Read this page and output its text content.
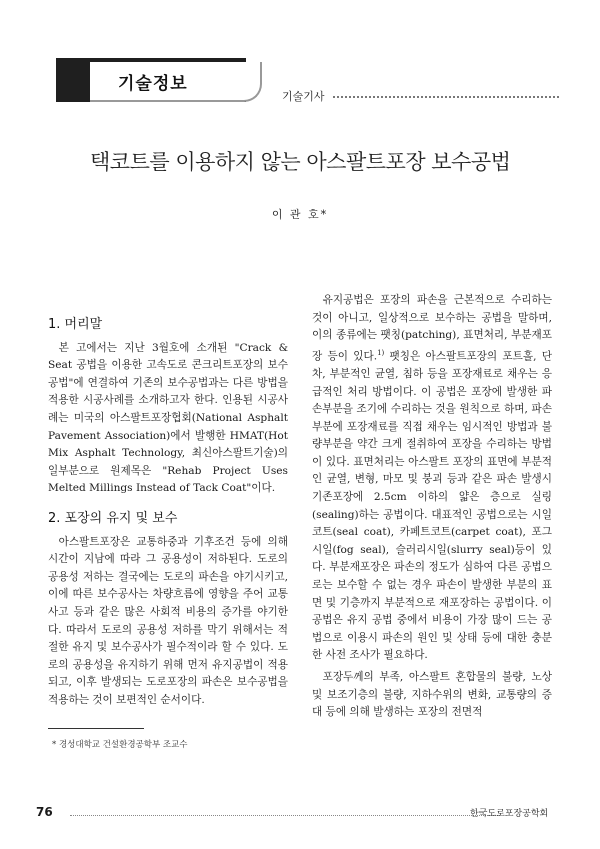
기술정보
기술기사
택코트를 이용하지 않는 아스팔트포장 보수공법
이 관 호*
1. 머리말

본 고에서는 지난 3월호에 소개된 "Crack & Seat 공법을 이용한 고속도로 콘크리트포장의 보수공법"에 연결하여 기존의 보수공법과는 다른 방법을 적용한 시공사례를 소개하고자 한다. 인용된 시공사례는 미국의 아스팔트포장협회(National Asphalt Pavement Association)에서 발행한 HMAT(Hot Mix Asphalt Technology, 최신아스팔트기술)의 일부분으로 원제목은 "Rehab Project Uses Melted Millings Instead of Tack Coat"이다.

2. 포장의 유지 및 보수

아스팔트포장은 교통하중과 기후조건 등에 의해 시간이 지남에 따라 그 공용성이 저하된다. 도로의 공용성 저하는 결국에는 도로의 파손을 야기시키고, 이에 따른 보수공사는 차량흐름에 영향을 주어 교통사고 등과 같은 많은 사회적 비용의 증가를 야기한다. 따라서 도로의 공용성 저하를 막기 위해서는 적절한 유지 및 보수공사가 필수적이라 할 수 있다. 도로의 공용성을 유지하기 위해 먼저 유지공법이 적용되고, 이후 발생되는 도로포장의 파손은 보수공법을 적용하는 것이 보편적인 순서이다.

유지공법은 포장의 파손을 근본적으로 수리하는 것이 아니고, 일상적으로 보수하는 공법을 말하며, 이의 종류에는 팻칭(patching), 표면처리, 부분재포장 등이 있다.$^{1)}$ 팻칭은 아스팔트포장의 포트홀, 단차, 부분적인 균열, 침하 등을 포장재료로 채우는 응급적인 처리 방법이다. 이 공법은 포장에 발생한 파손부분을 조기에 수리하는 것을 원칙으로 하며, 파손부분에 포장재료를 직접 채우는 임시적인 방법과 불량부분을 약간 크게 절취하여 포장을 수리하는 방법이 있다. 표면처리는 아스팔트 포장의 표면에 부분적인 균열, 변형, 마모 및 붕괴 등과 같은 파손 발생시 기존포장에 2.5cm 이하의 얇은 층으로 실링(sealing)하는 공법이다. 대표적인 공법으로는 시일코트(seal coat), 카페트코트(carpet coat), 포그시일(fog seal), 슬러리시일(slurry seal)등이 있다. 부분재포장은 파손의 정도가 심하여 다른 공법으로는 보수할 수 없는 경우 파손이 발생한 부분의 표면 및 기층까지 부분적으로 재포장하는 공법이다. 이 공법은 유지 공법 중에서 비용이 가장 많이 드는 공법으로 이용시 파손의 원인 및 상태 등에 대한 충분한 사전 조사가 필요하다.

포장두께의 부족, 아스팔트 혼합물의 불량, 노상 및 보조기층의 불량, 지하수위의 변화, 교통량의 증대 등에 의해 발생하는 포장의 전면적

* 경성대학교 건설환경공학부 조교수
76	한국도로포장공학회
